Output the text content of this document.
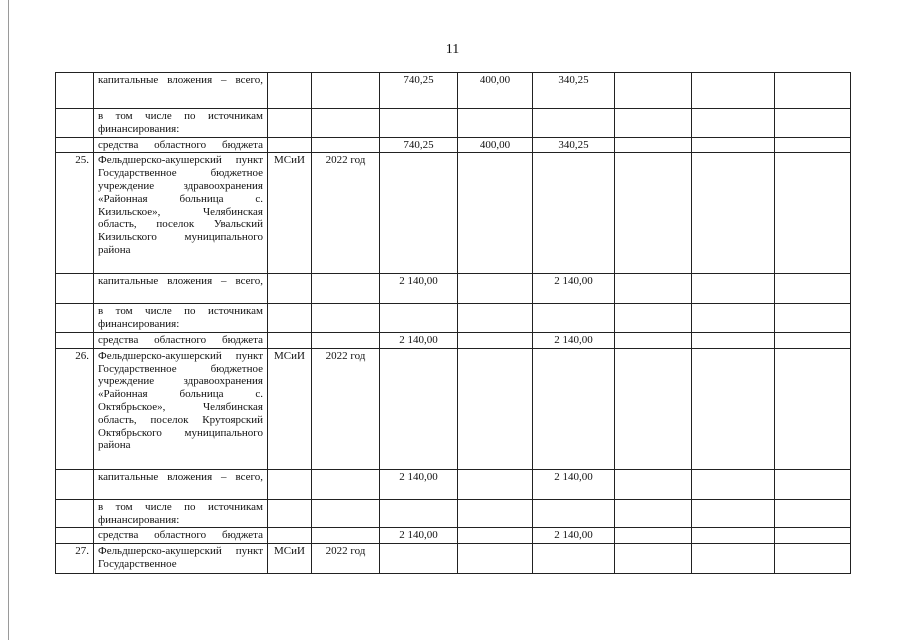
11
	капитальные вложения – всего,			740,25	400,00	340,25			
	в том числе по источникам финансирования:								
	средства областного бюджета			740,25	400,00	340,25			
25.	Фельдшерско-акушерский пункт Государственное бюджетное учреждение здравоохранения «Районная больница с. Кизильское», Челябинская область, поселок Увальский Кизильского муниципального района	МСиИ	2022 год						
	капитальные вложения – всего,			2 140,00		2 140,00			
	в том числе по источникам финансирования:								
	средства областного бюджета			2 140,00		2 140,00			
26.	Фельдшерско-акушерский пункт Государственное бюджетное учреждение здравоохранения «Районная больница с. Октябрьское», Челябинская область, поселок Крутоярский Октябрьского муниципального района	МСиИ	2022 год						
	капитальные вложения – всего,			2 140,00		2 140,00			
	в том числе по источникам финансирования:								
	средства областного бюджета			2 140,00		2 140,00			
27.	Фельдшерско-акушерский пункт Государственное	МСиИ	2022 год						
